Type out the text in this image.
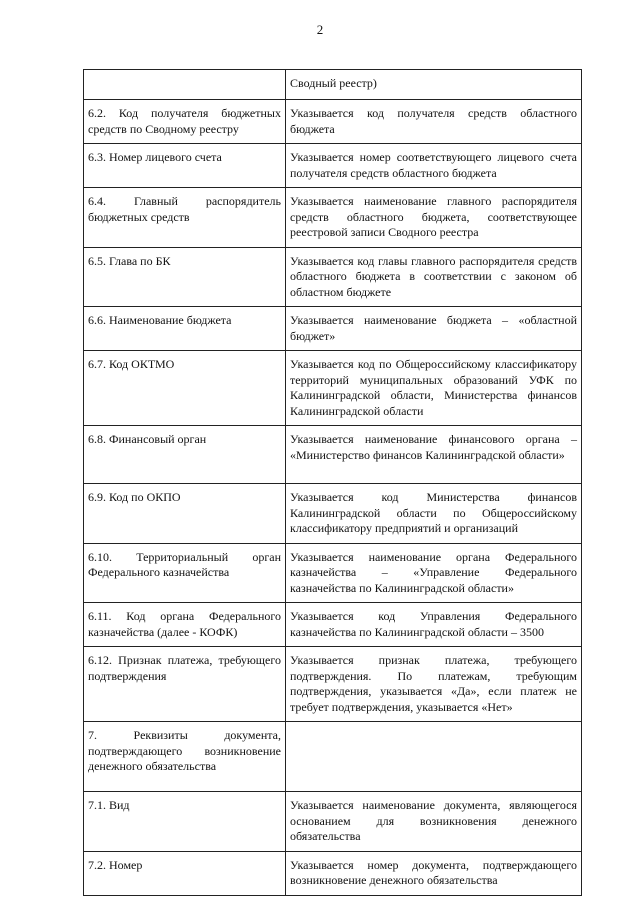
2
	Сводный реестр)
6.2. Код получателя бюджетных средств по Сводному реестру	Указывается код получателя средств областного бюджета
6.3. Номер лицевого счета	Указывается номер соответствующего лицевого счета получателя средств областного бюджета
6.4. Главный распорядитель бюджетных средств	Указывается наименование главного распорядителя средств областного бюджета, соответствующее реестровой записи Сводного реестра
6.5. Глава по БК	Указывается код главы главного распорядителя средств областного бюджета в соответствии с законом об областном бюджете
6.6. Наименование бюджета	Указывается наименование бюджета – «областной бюджет»
6.7. Код ОКТМО	Указывается код по Общероссийскому классификатору территорий муниципальных образований УФК по Калининградской области, Министерства финансов Калининградской области
6.8. Финансовый орган	Указывается наименование финансового органа – «Министерство финансов Калининградской области»
6.9. Код по ОКПО	Указывается код Министерства финансов Калининградской области по Общероссийскому классификатору предприятий и организаций
6.10. Территориальный орган Федерального казначейства	Указывается наименование органа Федерального казначейства – «Управление Федерального казначейства по Калининградской области»
6.11. Код органа Федерального казначейства (далее - КОФК)	Указывается код Управления Федерального казначейства по Калининградской области – 3500
6.12. Признак платежа, требующего подтверждения	Указывается признак платежа, требующего подтверждения. По платежам, требующим подтверждения, указывается «Да», если платеж не требует подтверждения, указывается «Нет»
7. Реквизиты документа, подтверждающего возникновение денежного обязательства	
7.1. Вид	Указывается наименование документа, являющегося основанием для возникновения денежного обязательства
7.2. Номер	Указывается номер документа, подтверждающего возникновение денежного обязательства
